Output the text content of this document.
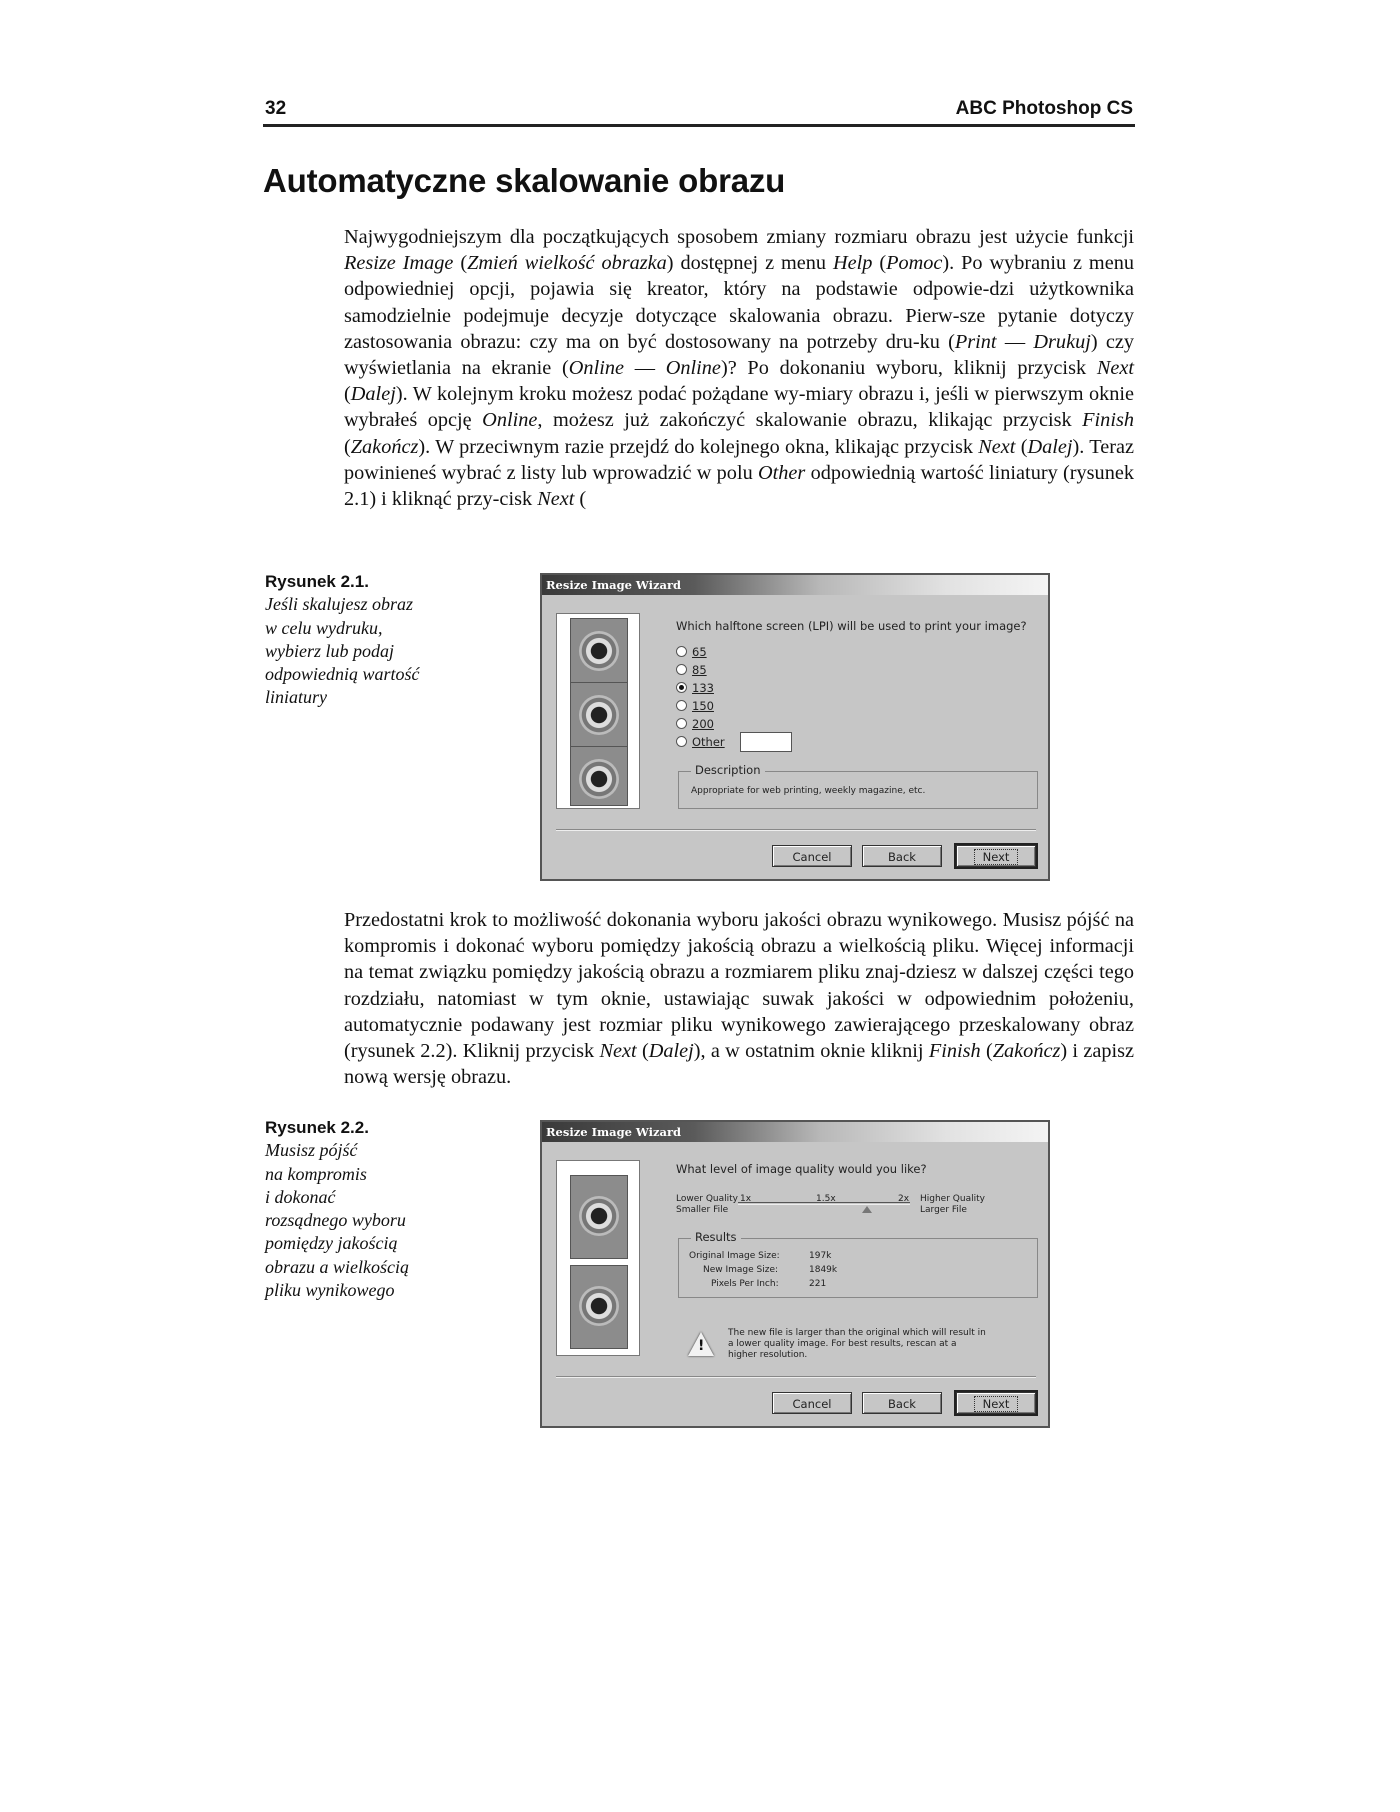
32	ABC Photoshop CS
Automatyczne skalowanie obrazu

Najwygodniejszym dla początkujących sposobem zmiany rozmiaru obrazu jest użycie funkcji Resize Image (Zmień wielkość obrazka) dostępnej z menu Help (Pomoc). Po wybraniu z menu odpowiedniej opcji, pojawia się kreator, który na podstawie odpowie-dzi użytkownika samodzielnie podejmuje decyzje dotyczące skalowania obrazu. Pierw-sze pytanie dotyczy zastosowania obrazu: czy ma on być dostosowany na potrzeby dru-ku (Print — Drukuj) czy wyświetlania na ekranie (Online — Online)? Po dokonaniu wyboru, kliknij przycisk Next (Dalej). W kolejnym kroku możesz podać pożądane wy-miary obrazu i, jeśli w pierwszym oknie wybrałeś opcję Online, możesz już zakończyć skalowanie obrazu, klikając przycisk Finish (Zakończ). W przeciwnym razie przejdź do kolejnego okna, klikając przycisk Next (Dalej). Teraz powinieneś wybrać z listy lub wprowadzić w polu Other odpowiednią wartość liniatury (rysunek 2.1) i kliknąć przy-cisk Next (

Rysunek 2.1.
Jeśli skalujesz obraz
w celu wydruku,
wybierz lub podaj
odpowiednią wartość
liniatury
Resize Image Wizard
Which halftone screen (LPI) will be used to print your image?
65
85
133
150
200
Other
Description
Appropriate for web printing, weekly magazine, etc.
Cancel	Back	Next

Przedostatni krok to możliwość dokonania wyboru jakości obrazu wynikowego. Musisz pójść na kompromis i dokonać wyboru pomiędzy jakością obrazu a wielkością pliku. Więcej informacji na temat związku pomiędzy jakością obrazu a rozmiarem pliku znaj-dziesz w dalszej części tego rozdziału, natomiast w tym oknie, ustawiając suwak jakości w odpowiednim położeniu, automatycznie podawany jest rozmiar pliku wynikowego zawierającego przeskalowany obraz (rysunek 2.2). Kliknij przycisk Next (Dalej), a w ostatnim oknie kliknij Finish (Zakończ) i zapisz nową wersję obrazu.

Rysunek 2.2.
Musisz pójść
na kompromis
i dokonać
rozsądnego wyboru
pomiędzy jakością
obrazu a wielkością
pliku wynikowego
Resize Image Wizard
What level of image quality would you like?
Lower Quality
Smaller File
1x	1.5x	2x Higher Quality
Larger File
Results
Original Image Size:	197k
New Image Size:	1849k
Pixels Per Inch:	221
!
The new file is larger than the original which will result in
a lower quality image. For best results, rescan at a
higher resolution.
Cancel	Back	Next
